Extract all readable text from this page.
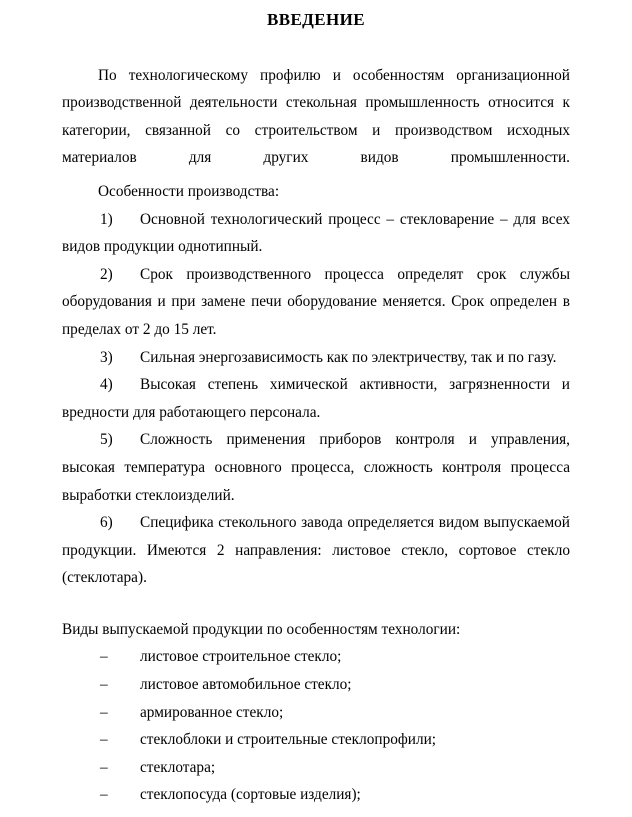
ВВЕДЕНИЕ

По технологическому профилю и особенностям организационной производственной деятельности стекольная промышленность относится к категории, связанной со строительством и производством исходных материалов для других видов промышленности.

Особенности производства:

1) Основной технологический процесс – стекловарение – для всех видов продукции однотипный.

2) Срок производственного процесса определят срок службы оборудования и при замене печи оборудование меняется. Срок определен в пределах от 2 до 15 лет.

3) Сильная энергозависимость как по электричеству, так и по газу.

4) Высокая степень химической активности, загрязненности и вредности для работающего персонала.

5) Сложность применения приборов контроля и управления, высокая температура основного процесса, сложность контроля процесса выработки стеклоизделий.

6) Специфика стекольного завода определяется видом выпускаемой продукции. Имеются 2 направления: листовое стекло, сортовое стекло (стеклотара).

Виды выпускаемой продукции по особенностям технологии:

– листовое строительное стекло;

– листовое автомобильное стекло;

– армированное стекло;

– стеклоблоки и строительные стеклопрофили;

– стеклотара;

– стеклопосуда (сортовые изделия);
